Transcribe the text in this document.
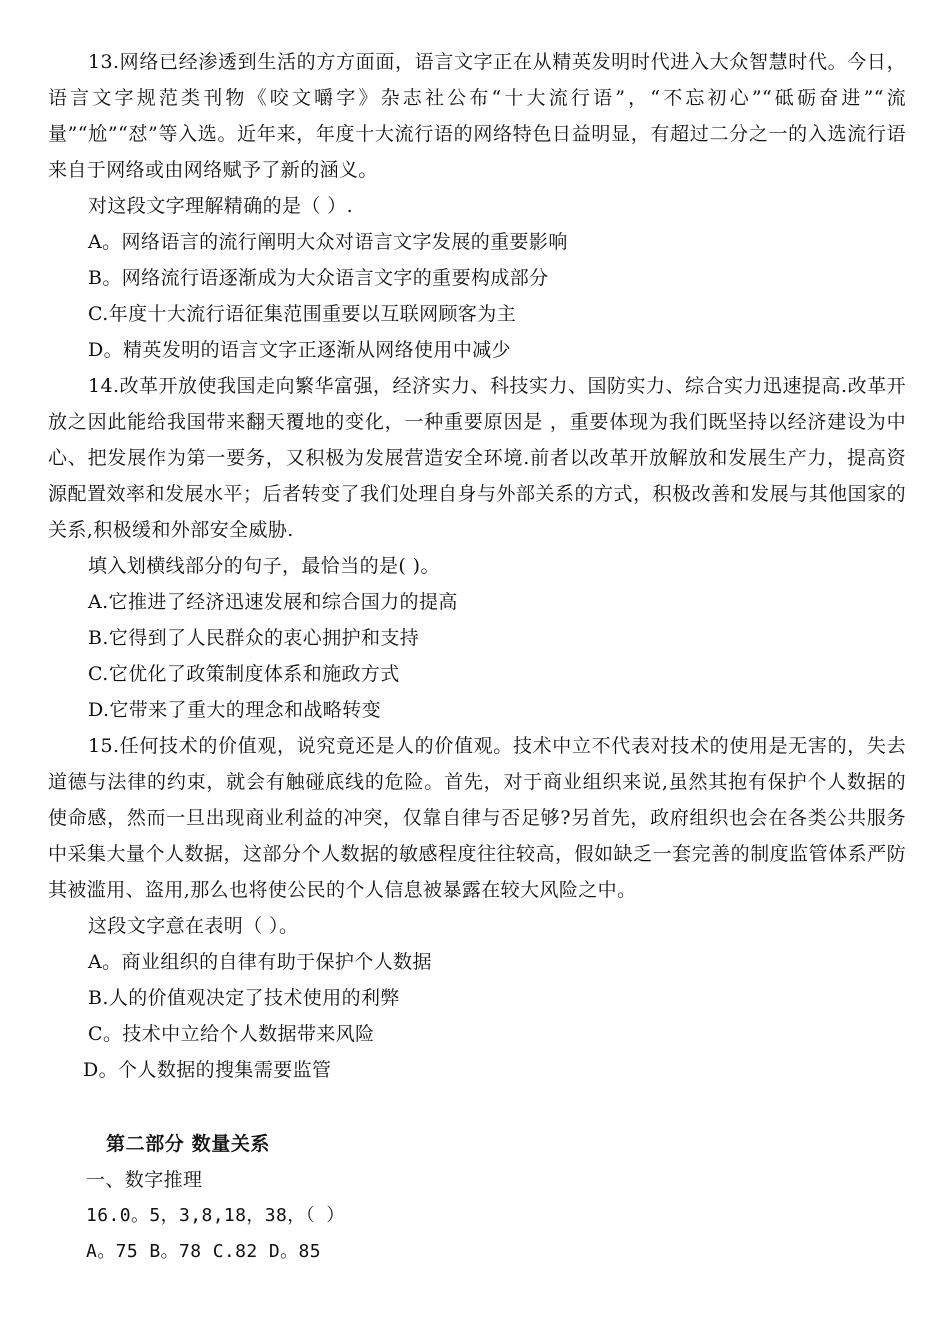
13.网络已经渗透到生活的方方面面，语言文字正在从精英发明时代进入大众智慧时代。今日，语言文字规范类刊物《咬文嚼字》杂志社公布“十大流行语”，“不忘初心”“砥砺奋进”“流量”“尬”“怼”等入选。近年来，年度十大流行语的网络特色日益明显，有超过二分之一的入选流行语来自于网络或由网络赋予了新的涵义。

对这段文字理解精确的是（ ）.

A。网络语言的流行阐明大众对语言文字发展的重要影响

B。网络流行语逐渐成为大众语言文字的重要构成部分

C.年度十大流行语征集范围重要以互联网顾客为主

D。精英发明的语言文字正逐渐从网络使用中减少

14.改革开放使我国走向繁华富强，经济实力、科技实力、国防实力、综合实力迅速提高.改革开放之因此能给我国带来翻天覆地的变化，一种重要原因是 ，重要体现为我们既坚持以经济建设为中心、把发展作为第一要务，又积极为发展营造安全环境.前者以改革开放解放和发展生产力，提高资源配置效率和发展水平；后者转变了我们处理自身与外部关系的方式，积极改善和发展与其他国家的关系,积极缓和外部安全威胁.

填入划横线部分的句子，最恰当的是( )。

A.它推进了经济迅速发展和综合国力的提高

B.它得到了人民群众的衷心拥护和支持

C.它优化了政策制度体系和施政方式

D.它带来了重大的理念和战略转变

15.任何技术的价值观，说究竟还是人的价值观。技术中立不代表对技术的使用是无害的，失去道德与法律的约束，就会有触碰底线的危险。首先，对于商业组织来说,虽然其抱有保护个人数据的使命感，然而一旦出现商业利益的冲突，仅靠自律与否足够?另首先，政府组织也会在各类公共服务中采集大量个人数据，这部分个人数据的敏感程度往往较高，假如缺乏一套完善的制度监管体系严防其被滥用、盗用,那么也将使公民的个人信息被暴露在较大风险之中。

这段文字意在表明（ ）。

A。商业组织的自律有助于保护个人数据

B.人的价值观决定了技术使用的利弊

C。技术中立给个人数据带来风险

D。个人数据的搜集需要监管

第二部分 数量关系
一、数字推理
16.0。5，3,8,18，38，（ ）
A。75 B。78 C.82 D。85
